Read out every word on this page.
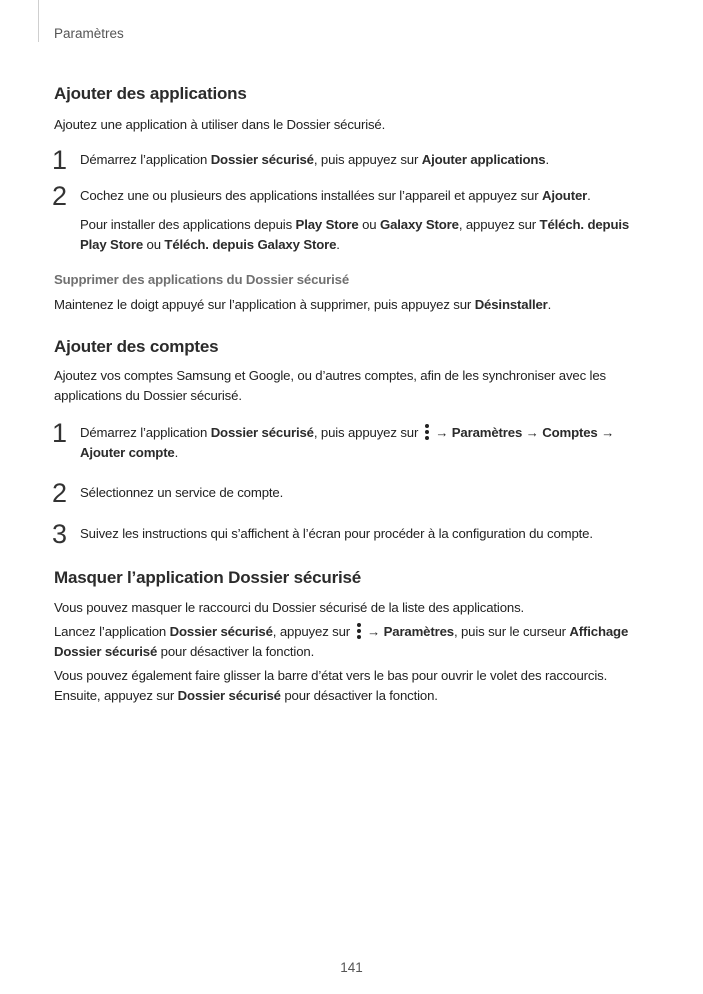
Paramètres
Ajouter des applications

Ajoutez une application à utiliser dans le Dossier sécurisé.

1 Démarrez l’application Dossier sécurisé, puis appuyez sur Ajouter applications.
2 Cochez une ou plusieurs des applications installées sur l’appareil et appuyez sur Ajouter.
Pour installer des applications depuis Play Store ou Galaxy Store, appuyez sur Téléch. depuis Play Store ou Téléch. depuis Galaxy Store.
Supprimer des applications du Dossier sécurisé

Maintenez le doigt appuyé sur l’application à supprimer, puis appuyez sur Désinstaller.

Ajouter des comptes

Ajoutez vos comptes Samsung et Google, ou d’autres comptes, afin de les synchroniser avec les applications du Dossier sécurisé.

1 Démarrez l’application Dossier sécurisé, puis appuyez sur
→ Paramètres → Comptes → Ajouter compte.
2 Sélectionnez un service de compte.
3 Suivez les instructions qui s’affichent à l’écran pour procéder à la configuration du compte.
Masquer l’application Dossier sécurisé

Vous pouvez masquer le raccourci du Dossier sécurisé de la liste des applications.

Lancez l’application Dossier sécurisé, appuyez sur
→ Paramètres, puis sur le curseur Affichage Dossier sécurisé pour désactiver la fonction.

Vous pouvez également faire glisser la barre d’état vers le bas pour ouvrir le volet des raccourcis. Ensuite, appuyez sur Dossier sécurisé pour désactiver la fonction.

141
